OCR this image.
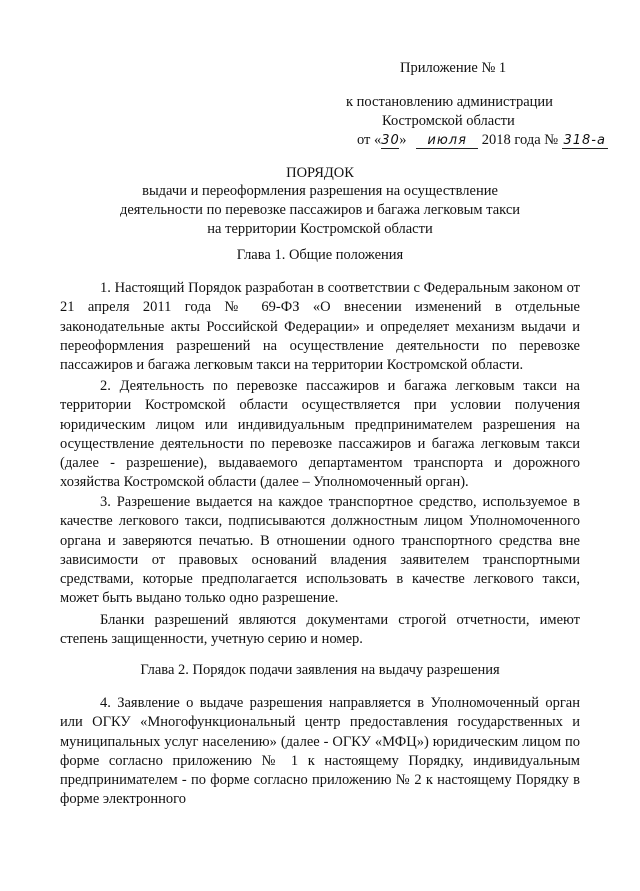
Приложение № 1
к постановлению администрации
Костромской области
от «30» июля 2018 года № 318-а
ПОРЯДОК
выдачи и переоформления разрешения на осуществление
деятельности по перевозке пассажиров и багажа легковым такси
на территории Костромской области
Глава 1. Общие положения
1. Настоящий Порядок разработан в соответствии с Федеральным законом от 21 апреля 2011 года № 69-ФЗ «О внесении изменений в отдельные законодательные акты Российской Федерации» и определяет механизм выдачи и переоформления разрешений на осуществление деятельности по перевозке пассажиров и багажа легковым такси на территории Костромской области.
2. Деятельность по перевозке пассажиров и багажа легковым такси на территории Костромской области осуществляется при условии получения юридическим лицом или индивидуальным предпринимателем разрешения на осуществление деятельности по перевозке пассажиров и багажа легковым такси (далее - разрешение), выдаваемого департаментом транспорта и дорожного хозяйства Костромской области (далее – Уполномоченный орган).
3. Разрешение выдается на каждое транспортное средство, используемое в качестве легкового такси, подписываются должностным лицом Уполномоченного органа и заверяются печатью. В отношении одного транспортного средства вне зависимости от правовых оснований владения заявителем транспортными средствами, которые предполагается использовать в качестве легкового такси, может быть выдано только одно разрешение.
Бланки разрешений являются документами строгой отчетности, имеют степень защищенности, учетную серию и номер.
Глава 2. Порядок подачи заявления на выдачу разрешения
4. Заявление о выдаче разрешения направляется в Уполномоченный орган или ОГКУ «Многофункциональный центр предоставления государственных и муниципальных услуг населению» (далее - ОГКУ «МФЦ») юридическим лицом по форме согласно приложению № 1 к настоящему Порядку, индивидуальным предпринимателем - по форме согласно приложению № 2 к настоящему Порядку в форме электронного
